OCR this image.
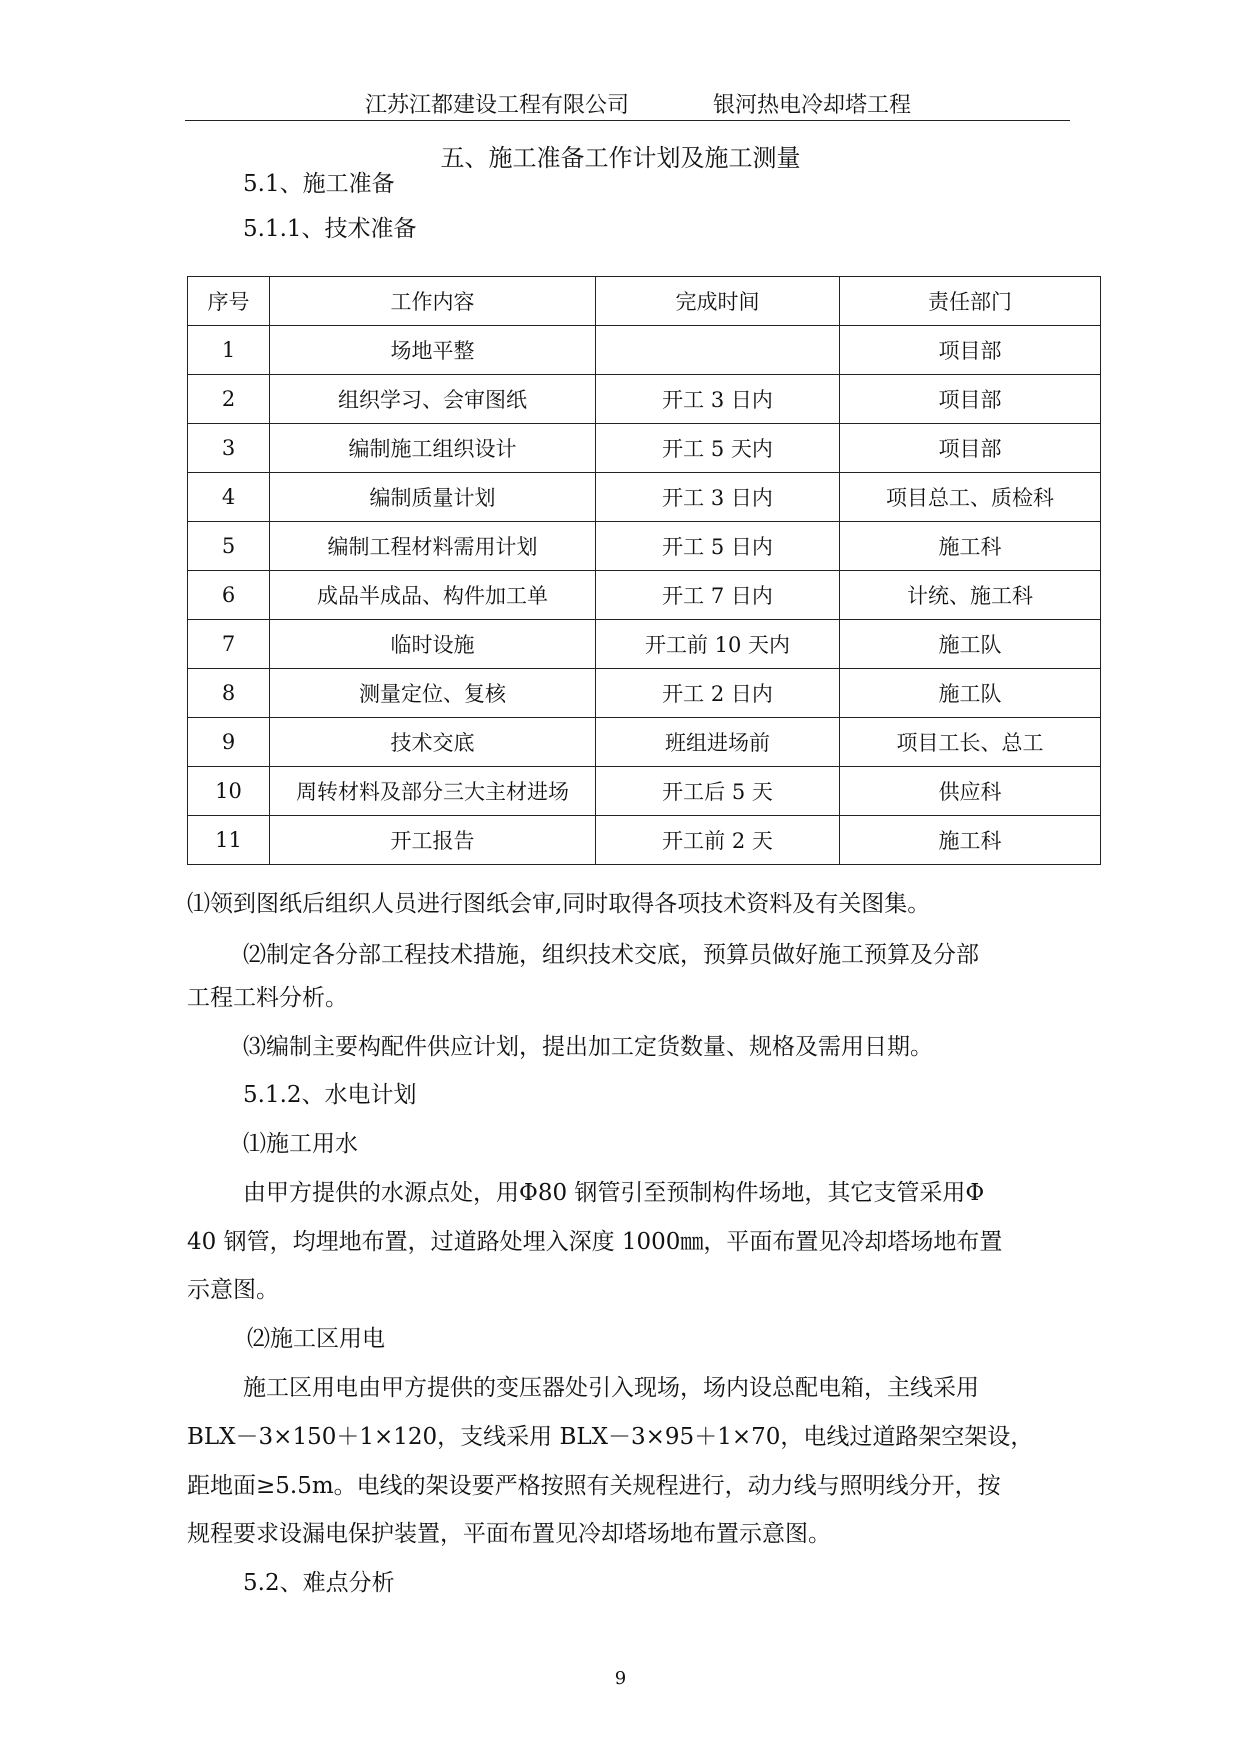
江苏江都建设工程有限公司	银河热电冷却塔工程
五、施工准备工作计划及施工测量
5.1、施工准备
5.1.1、技术准备
序号	工作内容	完成时间	责任部门
1	场地平整		项目部
2	组织学习、会审图纸	开工 3 日内	项目部
3	编制施工组织设计	开工 5 天内	项目部
4	编制质量计划	开工 3 日内	项目总工、质检科
5	编制工程材料需用计划	开工 5 日内	施工科
6	成品半成品、构件加工单	开工 7 日内	计统、施工科
7	临时设施	开工前 10 天内	施工队
8	测量定位、复核	开工 2 日内	施工队
9	技术交底	班组进场前	项目工长、总工
10	周转材料及部分三大主材进场	开工后 5 天	供应科
11	开工报告	开工前 2 天	施工科
⑴领到图纸后组织人员进行图纸会审,同时取得各项技术资料及有关图集。
⑵制定各分部工程技术措施，组织技术交底，预算员做好施工预算及分部
工程工料分析。
⑶编制主要构配件供应计划，提出加工定货数量、规格及需用日期。
5.1.2、水电计划
⑴施工用水
由甲方提供的水源点处，用Φ80 钢管引至预制构件场地，其它支管采用Φ
40 钢管，均埋地布置，过道路处埋入深度 1000㎜，平面布置见冷却塔场地布置
示意图。
⑵施工区用电
施工区用电由甲方提供的变压器处引入现场，场内设总配电箱，主线采用
BLX－3×150＋1×120，支线采用 BLX－3×95＋1×70，电线过道路架空架设，
距地面≥5.5m。电线的架设要严格按照有关规程进行，动力线与照明线分开，按
规程要求设漏电保护装置，平面布置见冷却塔场地布置示意图。
5.2、难点分析
9
